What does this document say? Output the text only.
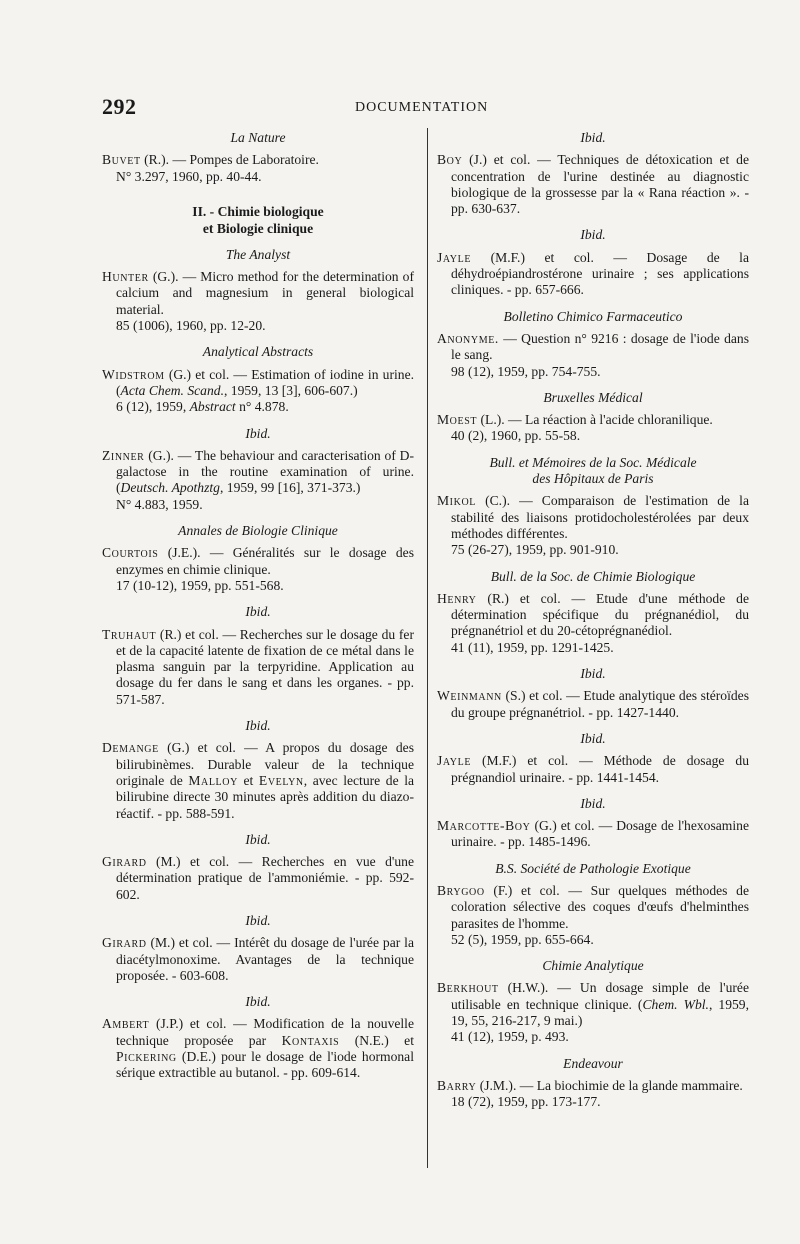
292	DOCUMENTATION
La Nature
Buvet (R.). — Pompes de Laboratoire.
N° 3.297, 1960, pp. 40-44.
II. - Chimie biologique
et Biologie clinique
The Analyst
Hunter (G.). — Micro method for the determination of calcium and magnesium in general biological material.
85 (1006), 1960, pp. 12-20.
Analytical Abstracts
Widstrom (G.) et col. — Estimation of iodine in urine. (Acta Chem. Scand., 1959, 13 [3], 606-607.)
6 (12), 1959, Abstract n° 4.878.
Ibid.
Zinner (G.). — The behaviour and caracterisation of D-galactose in the routine examination of urine. (Deutsch. Apothztg, 1959, 99 [16], 371-373.)
N° 4.883, 1959.
Annales de Biologie Clinique
Courtois (J.E.). — Généralités sur le dosage des enzymes en chimie clinique.
17 (10-12), 1959, pp. 551-568.
Ibid.
Truhaut (R.) et col. — Recherches sur le dosage du fer et de la capacité latente de fixation de ce métal dans le plasma sanguin par la terpyridine. Application au dosage du fer dans le sang et dans les organes. - pp. 571-587.
Ibid.
Demange (G.) et col. — A propos du dosage des bilirubinèmes. Durable valeur de la technique originale de Malloy et Evelyn, avec lecture de la bilirubine directe 30 minutes après addition du diazo-réactif. - pp. 588-591.
Ibid.
Girard (M.) et col. — Recherches en vue d'une détermination pratique de l'ammoniémie. - pp. 592-602.
Ibid.
Girard (M.) et col. — Intérêt du dosage de l'urée par la diacétylmonoxime. Avantages de la technique proposée. - 603-608.
Ibid.
Ambert (J.P.) et col. — Modification de la nouvelle technique proposée par Kontaxis (N.E.) et Pickering (D.E.) pour le dosage de l'iode hormonal sérique extractible au butanol. - pp. 609-614.
Ibid.
Boy (J.) et col. — Techniques de détoxication et de concentration de l'urine destinée au diagnostic biologique de la grossesse par la « Rana réaction ». - pp. 630-637.
Ibid.
Jayle (M.F.) et col. — Dosage de la déhydroépiandrostérone urinaire ; ses applications cliniques. - pp. 657-666.
Bolletino Chimico Farmaceutico
Anonyme. — Question n° 9216 : dosage de l'iode dans le sang.
98 (12), 1959, pp. 754-755.
Bruxelles Médical
Moest (L.). — La réaction à l'acide chloranilique.
40 (2), 1960, pp. 55-58.
Bull. et Mémoires de la Soc. Médicale
des Hôpitaux de Paris
Mikol (C.). — Comparaison de l'estimation de la stabilité des liaisons protidocholestérolées par deux méthodes différentes.
75 (26-27), 1959, pp. 901-910.
Bull. de la Soc. de Chimie Biologique
Henry (R.) et col. — Etude d'une méthode de détermination spécifique du prégnanédiol, du prégnanétriol et du 20-cétoprégnanédiol.
41 (11), 1959, pp. 1291-1425.
Ibid.
Weinmann (S.) et col. — Etude analytique des stéroïdes du groupe prégnanétriol. - pp. 1427-1440.
Ibid.
Jayle (M.F.) et col. — Méthode de dosage du prégnandiol urinaire. - pp. 1441-1454.
Ibid.
Marcotte-Boy (G.) et col. — Dosage de l'hexosamine urinaire. - pp. 1485-1496.
B.S. Société de Pathologie Exotique
Brygoo (F.) et col. — Sur quelques méthodes de coloration sélective des coques d'œufs d'helminthes parasites de l'homme.
52 (5), 1959, pp. 655-664.
Chimie Analytique
Berkhout (H.W.). — Un dosage simple de l'urée utilisable en technique clinique. (Chem. Wbl., 1959, 19, 55, 216-217, 9 mai.)
41 (12), 1959, p. 493.
Endeavour
Barry (J.M.). — La biochimie de la glande mammaire.
18 (72), 1959, pp. 173-177.
